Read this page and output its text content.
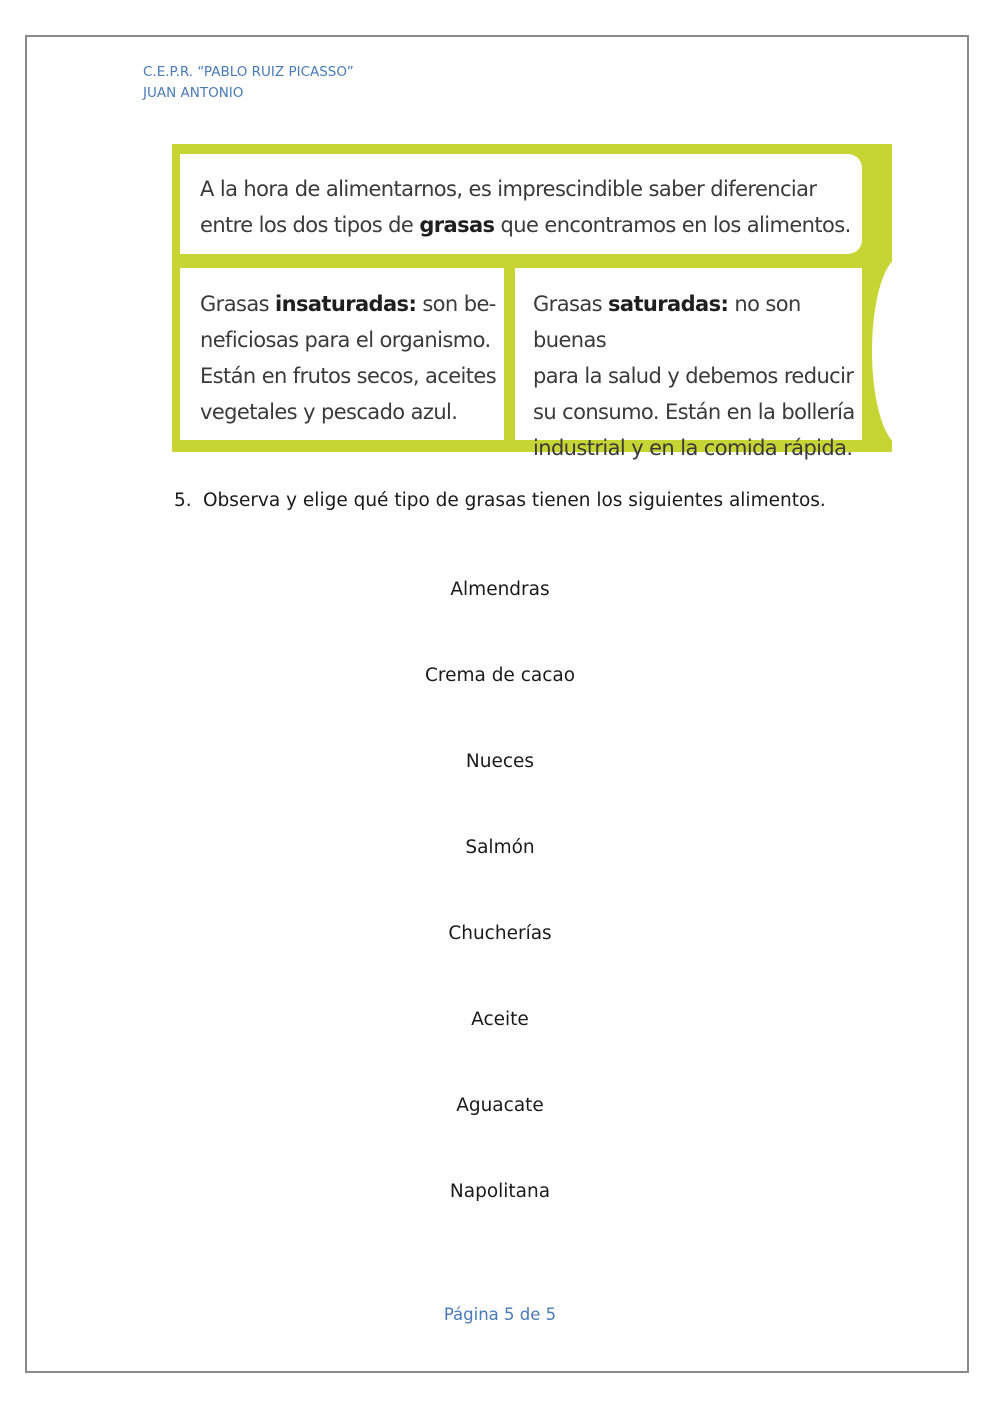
C.E.P.R. “PABLO RUIZ PICASSO”
JUAN ANTONIO
A la hora de alimentarnos, es imprescindible saber diferenciar
entre los dos tipos de grasas que encontramos en los alimentos.
Grasas insaturadas: son be-
neficiosas para el organismo.
Están en frutos secos, aceites
vegetales y pescado azul.
Grasas saturadas: no son buenas
para la salud y debemos reducir
su consumo. Están en la bollería
industrial y en la comida rápida.
5. Observa y elige qué tipo de grasas tienen los siguientes alimentos.
Almendras
Crema de cacao
Nueces
Salmón
Chucherías
Aceite
Aguacate
Napolitana
Página 5 de 5
